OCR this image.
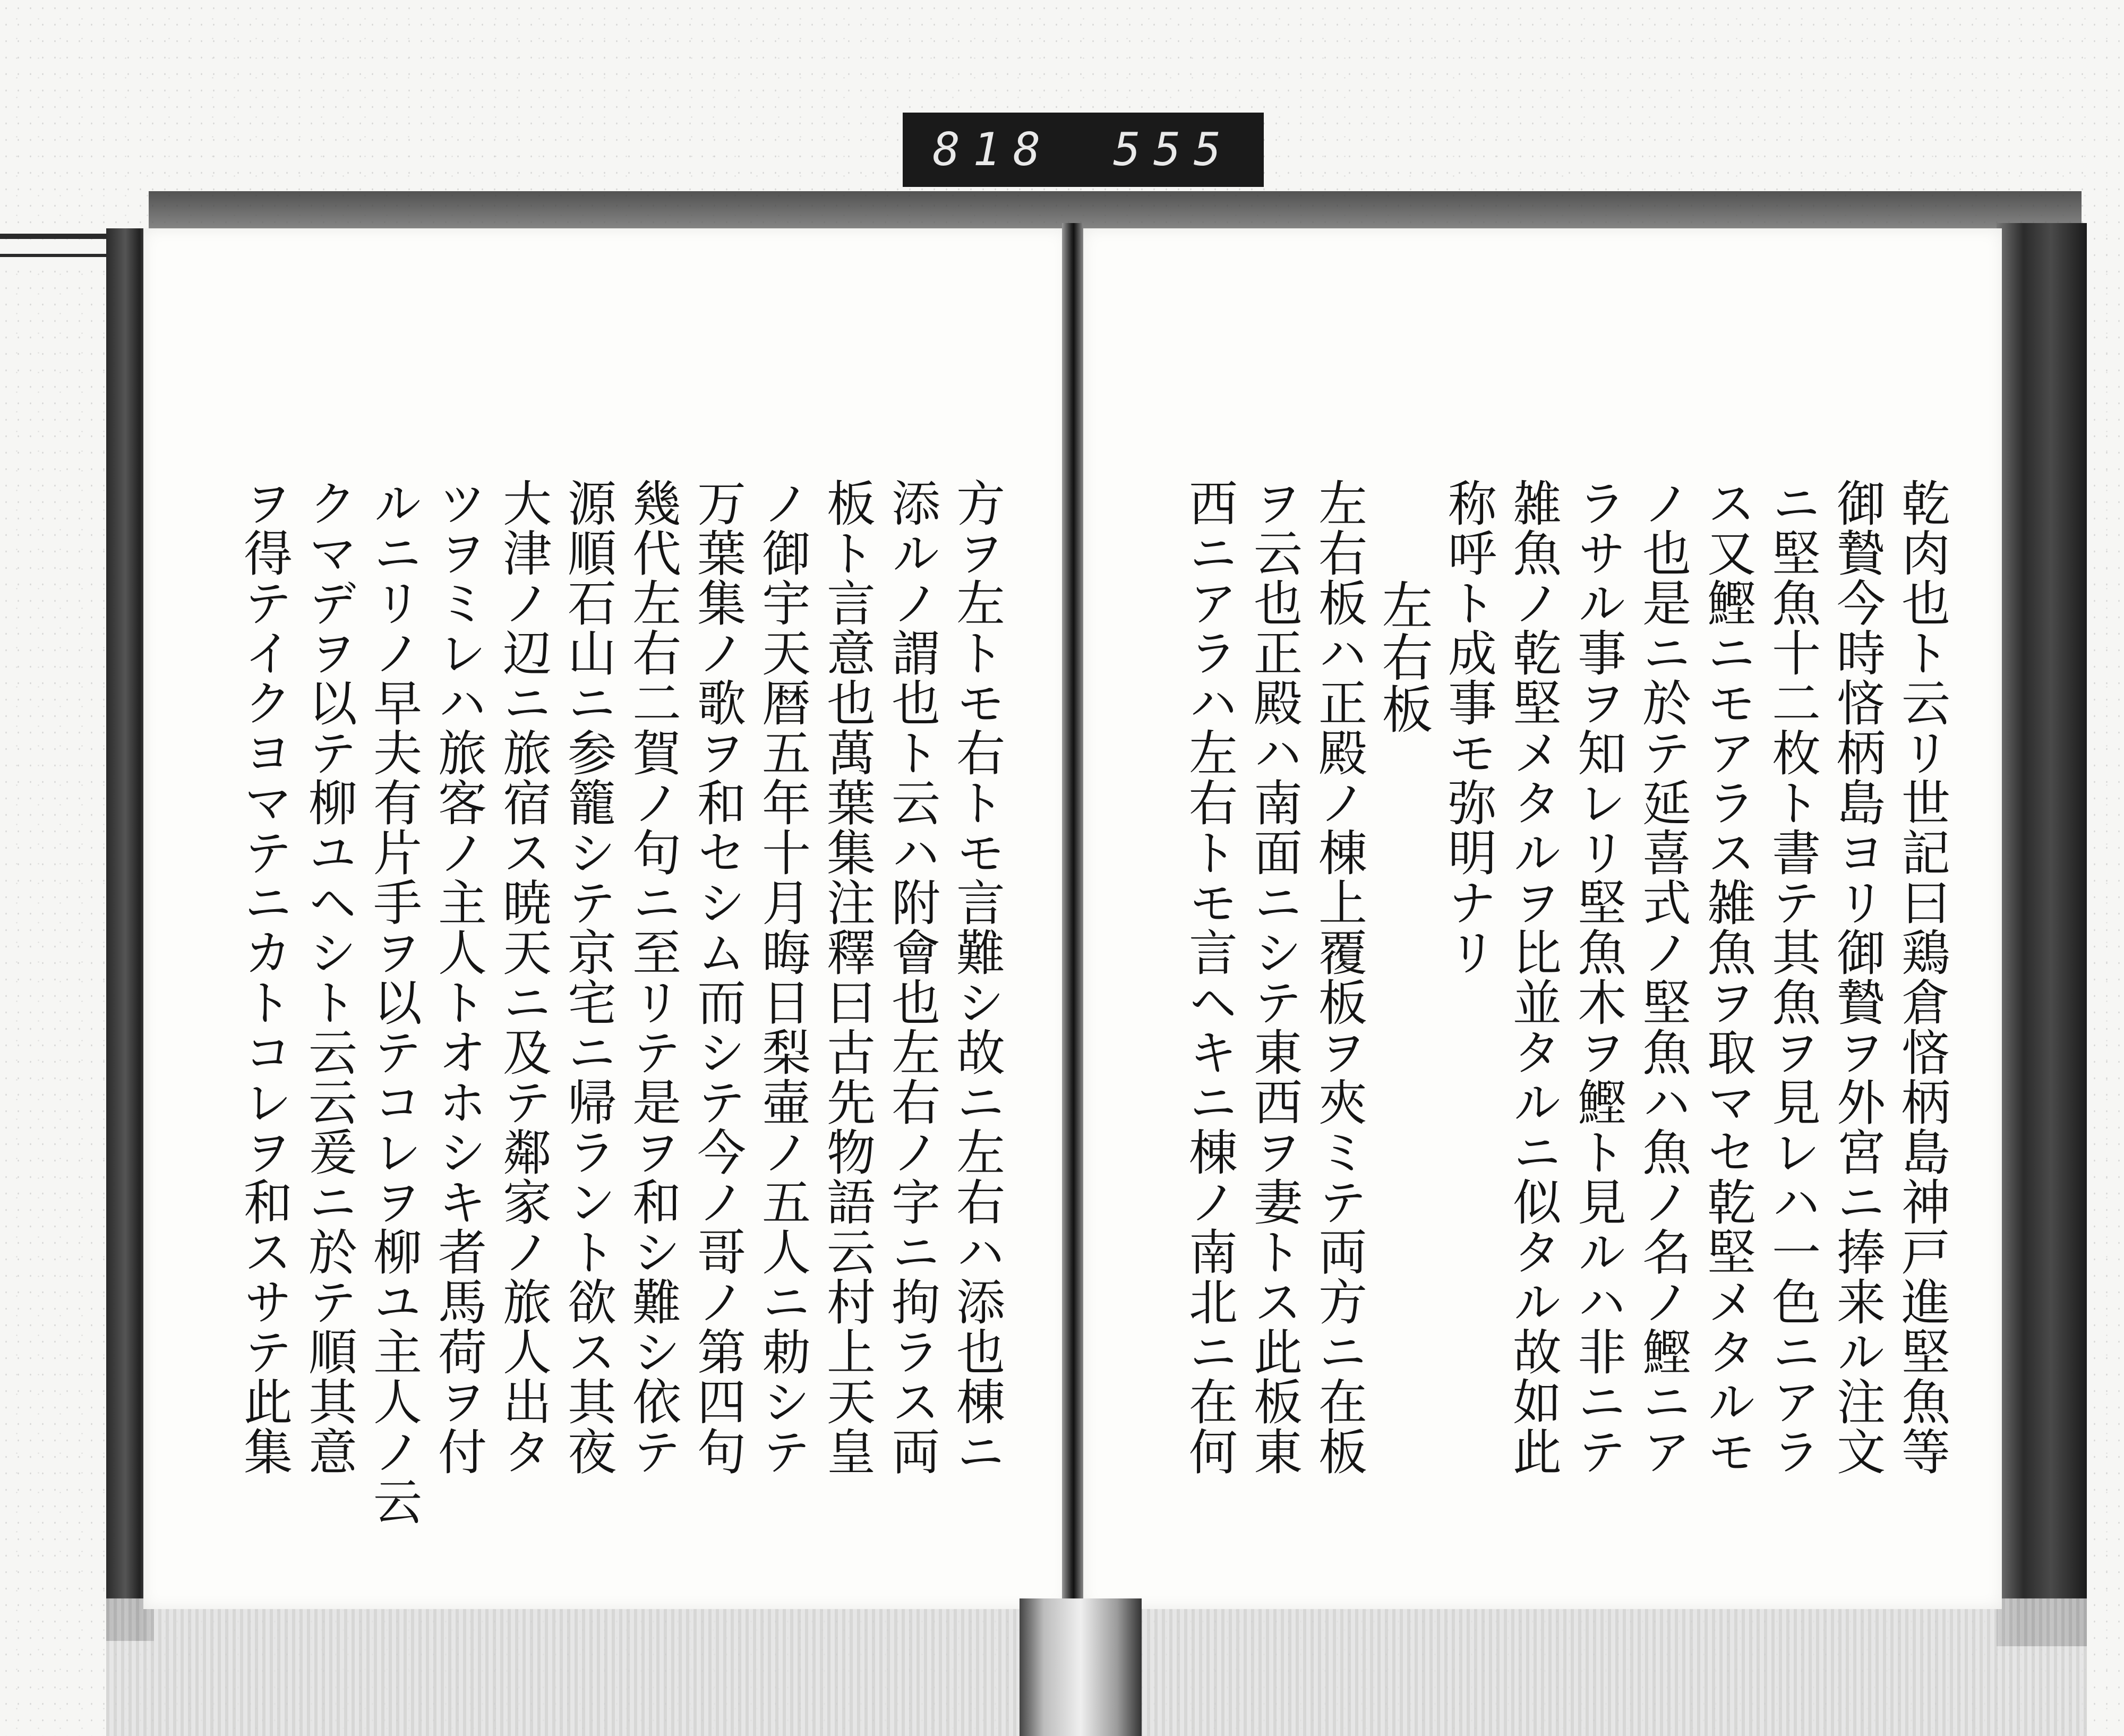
818 555
乾肉也ト云リ世記曰鶏倉悋柄島神戸進堅魚等
御贄今時悋柄島ヨリ御贄ヲ外宮ニ捧来ル注文
ニ堅魚十二枚ト書テ其魚ヲ見レハ一色ニアラ
ス又鰹ニモアラス雑魚ヲ取マセ乾堅メタルモ
ノ也是ニ於テ延喜式ノ堅魚ハ魚ノ名ノ鰹ニア
ラサル事ヲ知レリ堅魚木ヲ鰹ト見ルハ非ニテ
雑魚ノ乾堅メタルヲ比並タルニ似タル故如此
称呼ト成事モ弥明ナリ
左右板
左右板ハ正殿ノ棟上覆板ヲ夾ミテ両方ニ在板
ヲ云也正殿ハ南面ニシテ東西ヲ妻トス此板東
西ニアラハ左右トモ言ヘキニ棟ノ南北ニ在何
方ヲ左トモ右トモ言難シ故ニ左右ハ添也棟ニ
添ルノ謂也ト云ハ附會也左右ノ字ニ拘ラス両
板ト言意也萬葉集注釋曰古先物語云村上天皇
ノ御宇天暦五年十月晦日梨壷ノ五人ニ勅シテ
万葉集ノ歌ヲ和セシム而シテ今ノ哥ノ第四句
幾代左右二賀ノ句ニ至リテ是ヲ和シ難シ依テ
源順石山ニ参籠シテ京宅ニ帰ラント欲ス其夜
大津ノ辺ニ旅宿ス暁天ニ及テ鄰家ノ旅人出タ
ツヲミレハ旅客ノ主人トオホシキ者馬荷ヲ付
ルニリノ早夫有片手ヲ以テコレヲ柳ユ主人ノ云
クマデヲ以テ柳ユヘシト云云爰ニ於テ順其意
ヲ得テイクヨマテニカトコレヲ和スサテ此集
